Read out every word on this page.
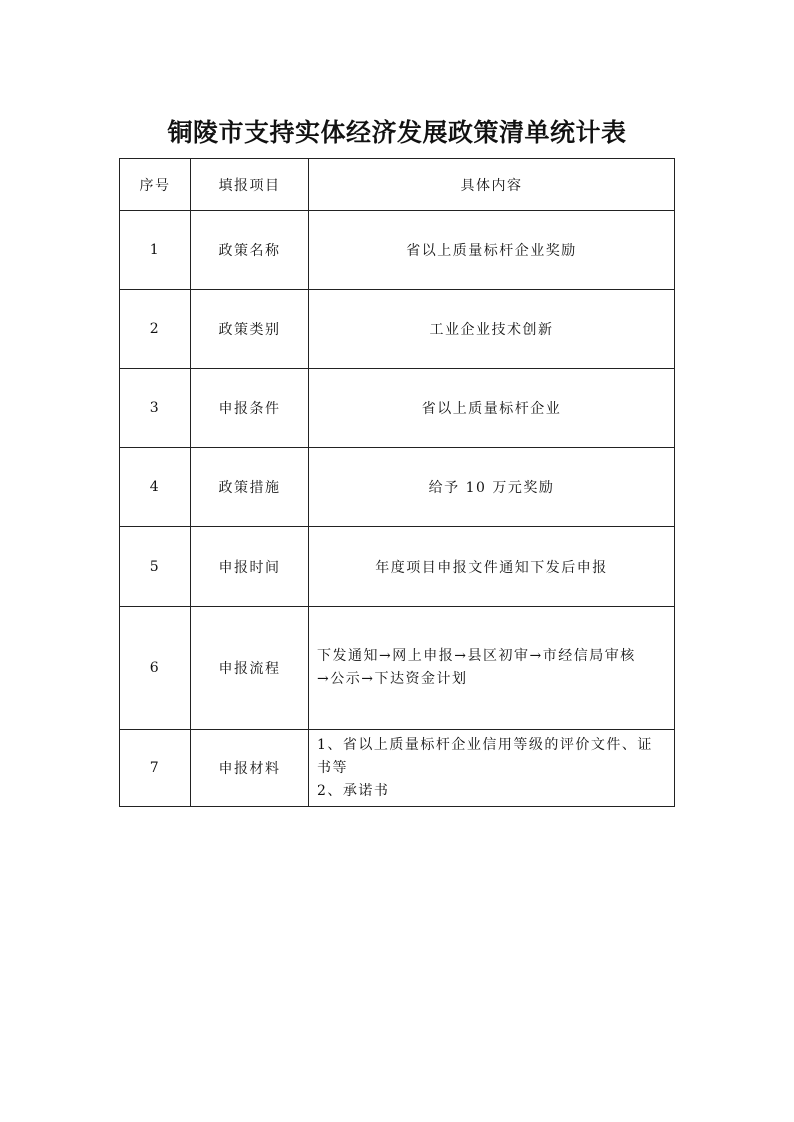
铜陵市支持实体经济发展政策清单统计表
序号	填报项目	具体内容
1	政策名称	省以上质量标杆企业奖励
2	政策类别	工业企业技术创新
3	申报条件	省以上质量标杆企业
4	政策措施	给予 10 万元奖励
5	申报时间	年度项目申报文件通知下发后申报
6	申报流程	下发通知→网上申报→县区初审→市经信局审核
→公示→下达资金计划

7	申报材料	1、省以上质量标杆企业信用等级的评价文件、证
书等
2、承诺书
